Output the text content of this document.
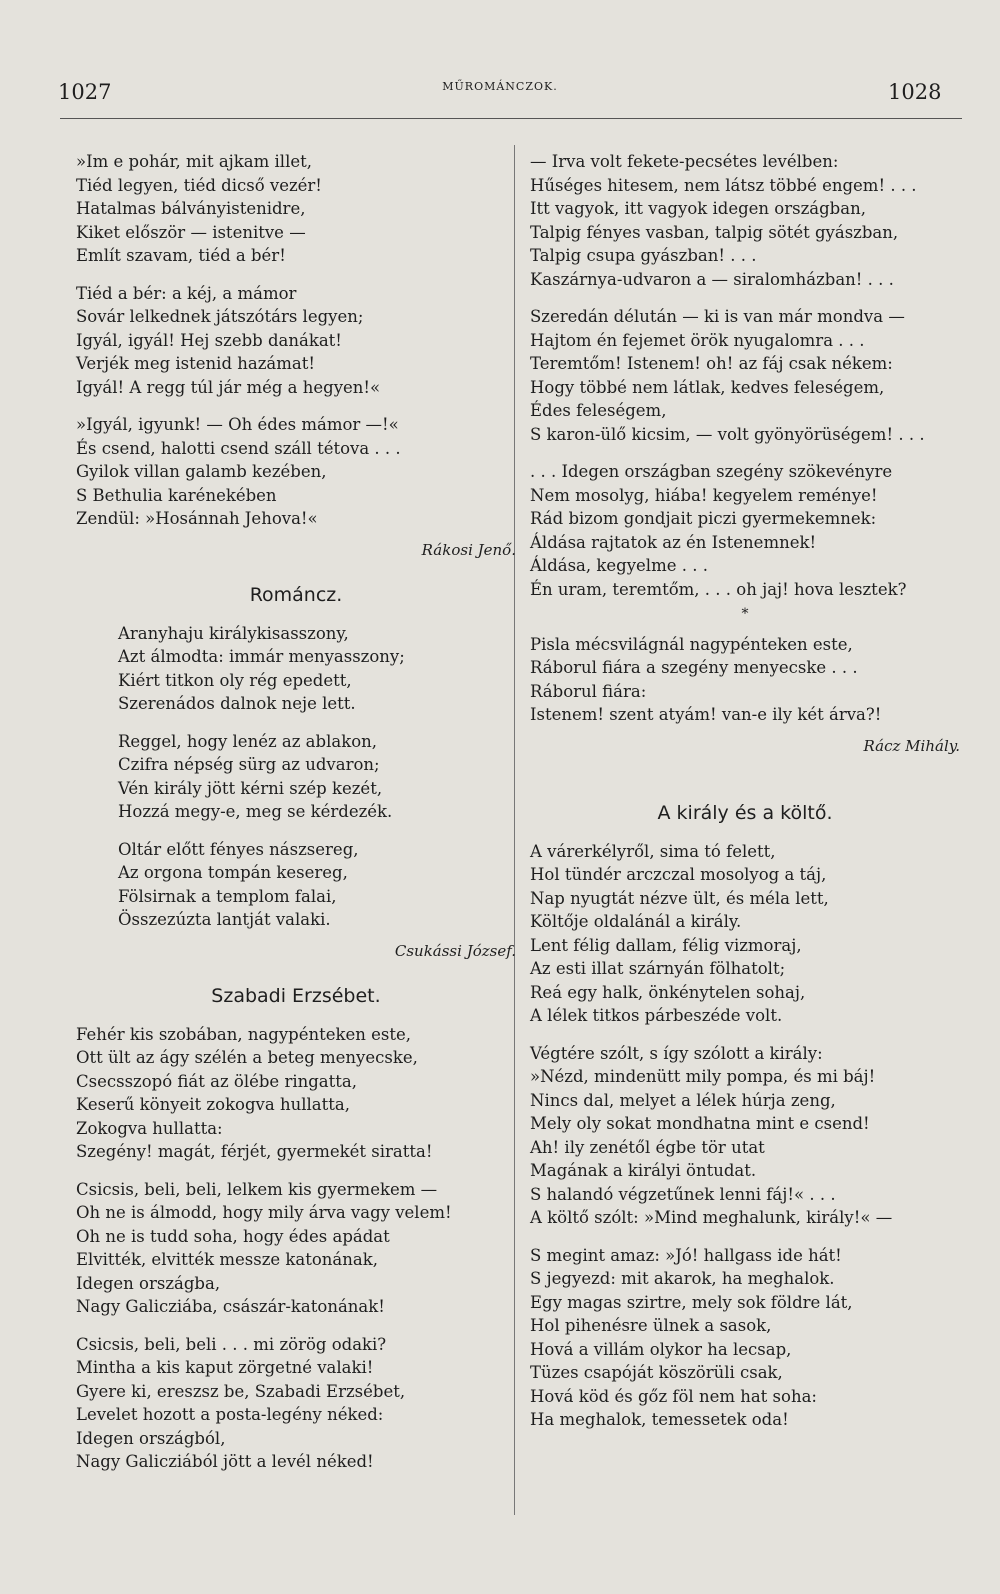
1027	MŰROMÁNCZOK.	1028
»Im e pohár, mit ajkam illet,
Tiéd legyen, tiéd dicső vezér!
Hatalmas bálványistenidre,
Kiket először — istenitve —
Említ szavam, tiéd a bér!
Tiéd a bér: a kéj, a mámor
Sovár lelkednek játszótárs legyen;
Igyál, igyál! Hej szebb danákat!
Verjék meg istenid hazámat!
Igyál! A regg túl jár még a hegyen!«
»Igyál, igyunk! — Oh édes mámor —!«
És csend, halotti csend száll tétova . . .
Gyilok villan galamb kezében,
S Bethulia karénekében
Zendül: »Hosánnah Jehova!«
Rákosi Jenő.
Románcz.
Aranyhaju királykisasszony,
Azt álmodta: immár menyasszony;
Kiért titkon oly rég epedett,
Szerenádos dalnok neje lett.
Reggel, hogy lenéz az ablakon,
Czifra népség sürg az udvaron;
Vén király jött kérni szép kezét,
Hozzá megy-e, meg se kérdezék.
Oltár előtt fényes nászsereg,
Az orgona tompán kesereg,
Fölsirnak a templom falai,
Összezúzta lantját valaki.
Csukássi József.
Szabadi Erzsébet.
Fehér kis szobában, nagypénteken este,
Ott ült az ágy szélén a beteg menyecske,
Csecsszopó fiát az ölébe ringatta,
Keserű könyeit zokogva hullatta,
Zokogva hullatta:
Szegény! magát, férjét, gyermekét siratta!
Csicsis, beli, beli, lelkem kis gyermekem —
Oh ne is álmodd, hogy mily árva vagy velem!
Oh ne is tudd soha, hogy édes apádat
Elvitték, elvitték messze katonának,
Idegen országba,
Nagy Galicziába, császár-katonának!
Csicsis, beli, beli . . . mi zörög odaki?
Mintha a kis kaput zörgetné valaki!
Gyere ki, ereszsz be, Szabadi Erzsébet,
Levelet hozott a posta-legény néked:
Idegen országból,
Nagy Galicziából jött a levél néked!
— Irva volt fekete-pecsétes levélben:
Hűséges hitesem, nem látsz többé engem! . . .
Itt vagyok, itt vagyok idegen országban,
Talpig fényes vasban, talpig sötét gyászban,
Talpig csupa gyászban! . . .
Kaszárnya-udvaron a — siralomházban! . . .
Szeredán délután — ki is van már mondva —
Hajtom én fejemet örök nyugalomra . . .
Teremtőm! Istenem! oh! az fáj csak nékem:
Hogy többé nem látlak, kedves feleségem,
Édes feleségem,
S karon-ülő kicsim, — volt gyönyörüségem! . . .
. . . Idegen országban szegény szökevényre
Nem mosolyg, hiába! kegyelem reménye!
Rád bizom gondjait piczi gyermekemnek:
Áldása rajtatok az én Istenemnek!
Áldása, kegyelme . . .
Én uram, teremtőm, . . . oh jaj! hova lesztek?
*
Pisla mécsvilágnál nagypénteken este,
Ráborul fiára a szegény menyecske . . .
Ráborul fiára:
Istenem! szent atyám! van-e ily két árva?!
Rácz Mihály.
A király és a költő.
A várerkélyről, sima tó felett,
Hol tündér arczczal mosolyog a táj,
Nap nyugtát nézve ült, és méla lett,
Költője oldalánál a király.
Lent félig dallam, félig vizmoraj,
Az esti illat szárnyán fölhatolt;
Reá egy halk, önkénytelen sohaj,
A lélek titkos párbeszéde volt.
Végtére szólt, s így szólott a király:
»Nézd, mindenütt mily pompa, és mi báj!
Nincs dal, melyet a lélek húrja zeng,
Mely oly sokat mondhatna mint e csend!
Ah! ily zenétől égbe tör utat
Magának a királyi öntudat.
S halandó végzetűnek lenni fáj!« . . .
A költő szólt: »Mind meghalunk, király!« —
S megint amaz: »Jó! hallgass ide hát!
S jegyezd: mit akarok, ha meghalok.
Egy magas szirtre, mely sok földre lát,
Hol pihenésre ülnek a sasok,
Hová a villám olykor ha lecsap,
Tüzes csapóját köszörüli csak,
Hová köd és gőz föl nem hat soha:
Ha meghalok, temessetek oda!
